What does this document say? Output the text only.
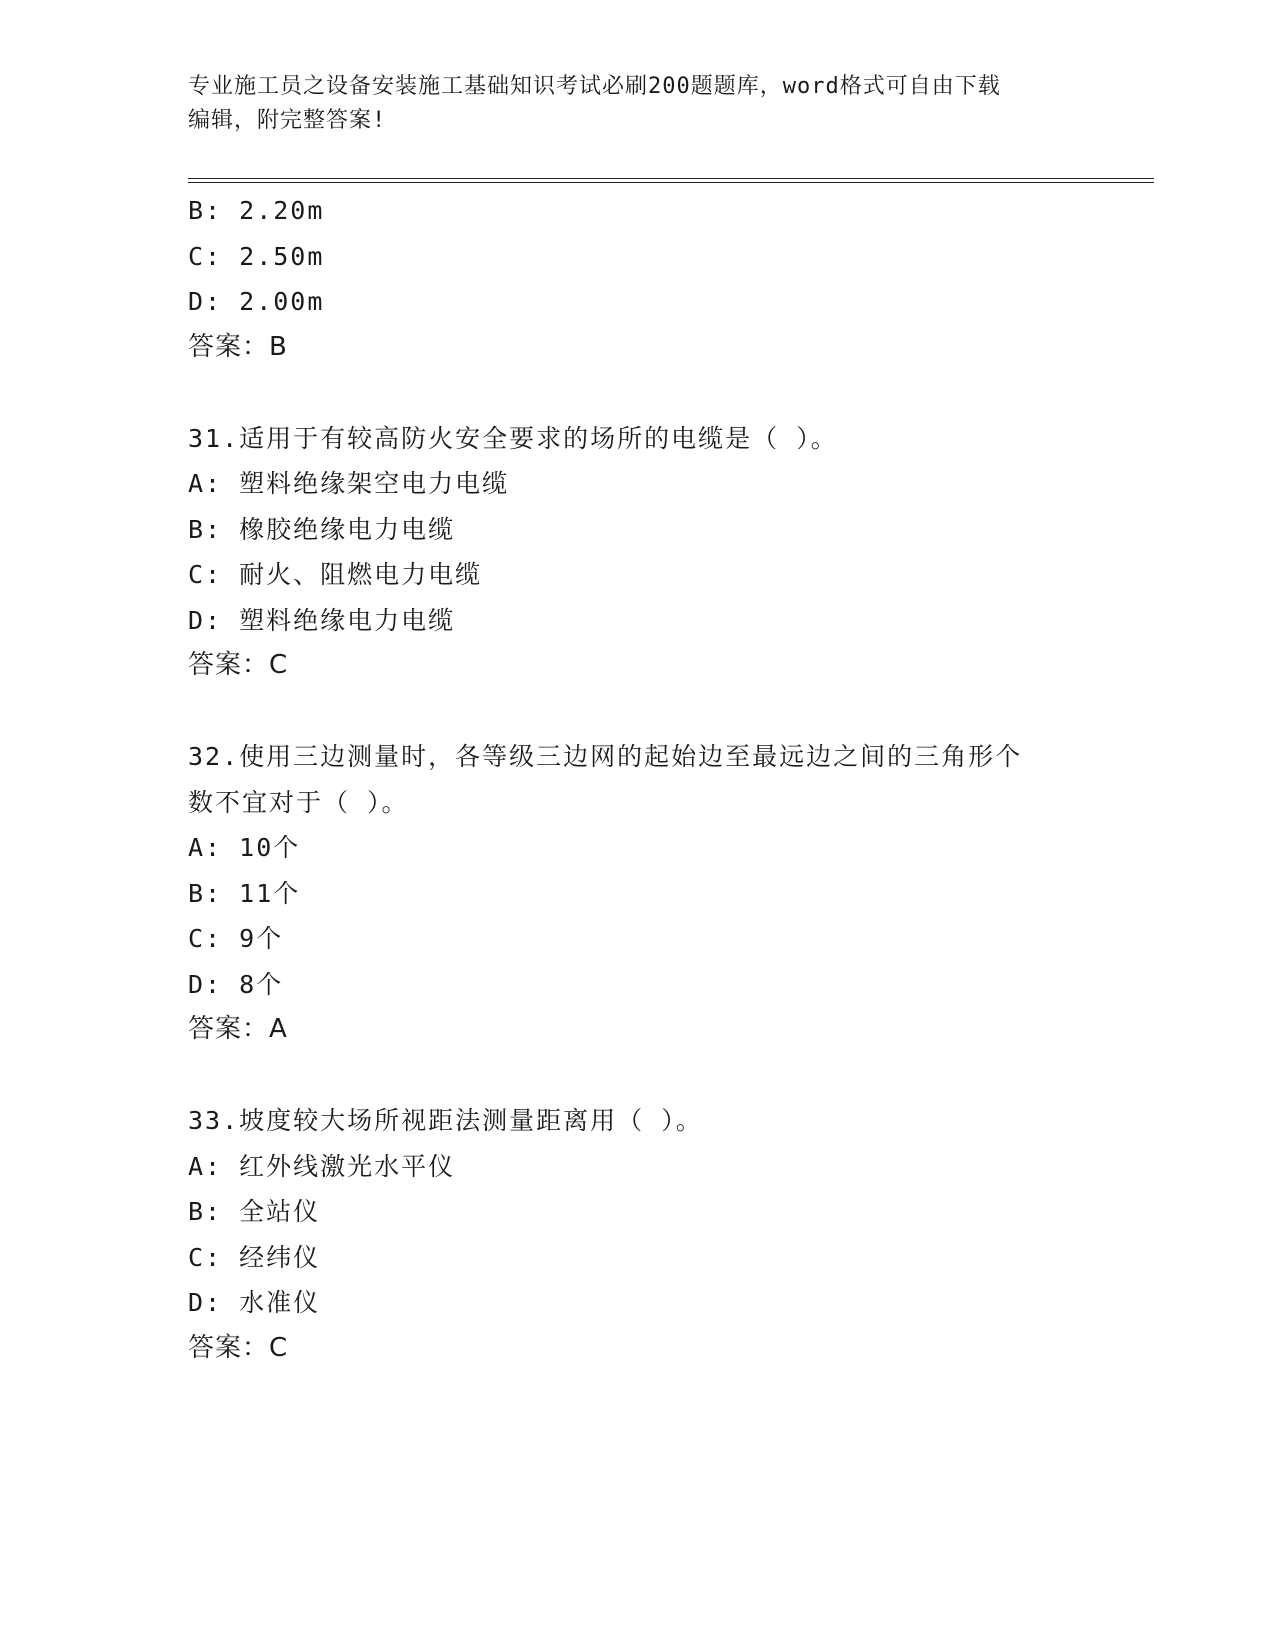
专业施工员之设备安装施工基础知识考试必刷200题题库，word格式可自由下载
编辑，附完整答案!
B: 2.20m
C: 2.50m
D: 2.00m
答案：B
31.适用于有较高防火安全要求的场所的电缆是（ ）。
A: 塑料绝缘架空电力电缆
B: 橡胶绝缘电力电缆
C: 耐火、阻燃电力电缆
D: 塑料绝缘电力电缆
答案：C
32.使用三边测量时，各等级三边网的起始边至最远边之间的三角形个
数不宜对于（ ）。
A: 10个
B: 11个
C: 9个
D: 8个
答案：A
33.坡度较大场所视距法测量距离用（ ）。
A: 红外线激光水平仪
B: 全站仪
C: 经纬仪
D: 水准仪
答案：C
